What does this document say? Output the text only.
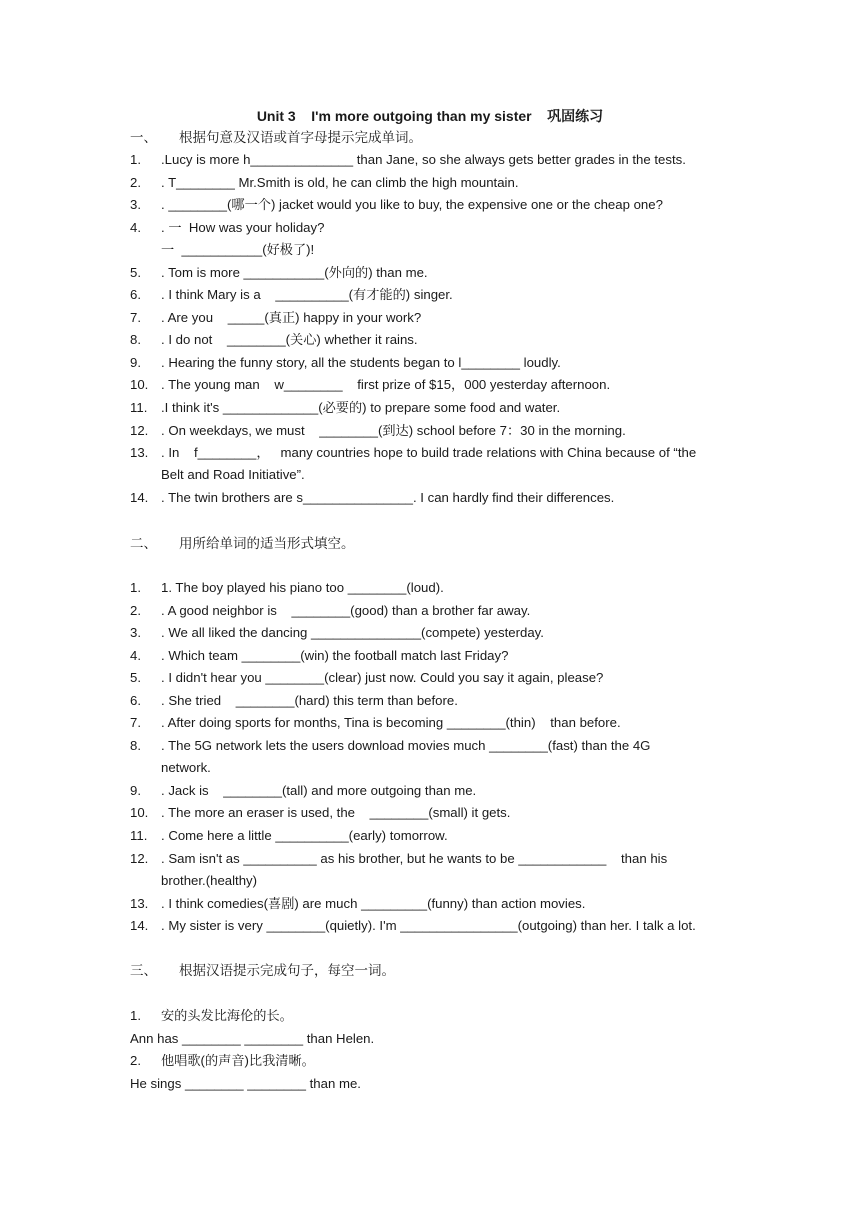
Unit 3    I'm more outgoing than my sister    巩固练习
一、 根据句意及汉语或首字母提示完成单词。
1. .Lucy is more h______________ than Jane, so she always gets better grades in the tests.
2. . T________ Mr.Smith is old, he can climb the high mountain.
3. . ________(哪一个) jacket would you like to buy, the expensive one or the cheap one?
4. . 一  How was your holiday?
一  ___________(好极了)!
5. . Tom is more ___________(外向的) than me.
6. . I think Mary is a    __________(有才能的) singer.
7. . Are you    _____(真正) happy in your work?
8. . I do not    ________(关心) whether it rains.
9. . Hearing the funny story, all the students began to l________ loudly.
10. . The young man    w________    first prize of $15，000 yesterday afternoon.
11. .I think it's _____________(必要的) to prepare some food and water.
12. . On weekdays, we must    ________(到达) school before 7：30 in the morning.
13. . In    f________，   many countries hope to build trade relations with China because of “the
Belt and Road Initiative”.
14. . The twin brothers are s_______________. I can hardly find their differences.
二、 用所给单词的适当形式填空。
1. 1. The boy played his piano too ________(loud).
2. . A good neighbor is    ________(good) than a brother far away.
3. . We all liked the dancing _______________(compete) yesterday.
4. . Which team ________(win) the football match last Friday?
5. . I didn't hear you ________(clear) just now. Could you say it again, please?
6. . She tried    ________(hard) this term than before.
7. . After doing sports for months, Tina is becoming ________(thin)    than before.
8. . The 5G network lets the users download movies much ________(fast) than the 4G
network.
9. . Jack is    ________(tall) and more outgoing than me.
10. . The more an eraser is used, the    ________(small) it gets.
11. . Come here a little __________(early) tomorrow.
12. . Sam isn't as __________ as his brother, but he wants to be ____________    than his
brother.(healthy)
13. . I think comedies(喜剧) are much _________(funny) than action movies.
14. . My sister is very ________(quietly). I'm ________________(outgoing) than her. I talk a lot.
三、 根据汉语提示完成句子，每空一词。
1. 安的头发比海伦的长。
Ann has ________ ________ than Helen.
2. 他唱歌(的声音)比我清晰。
He sings ________ ________ than me.
